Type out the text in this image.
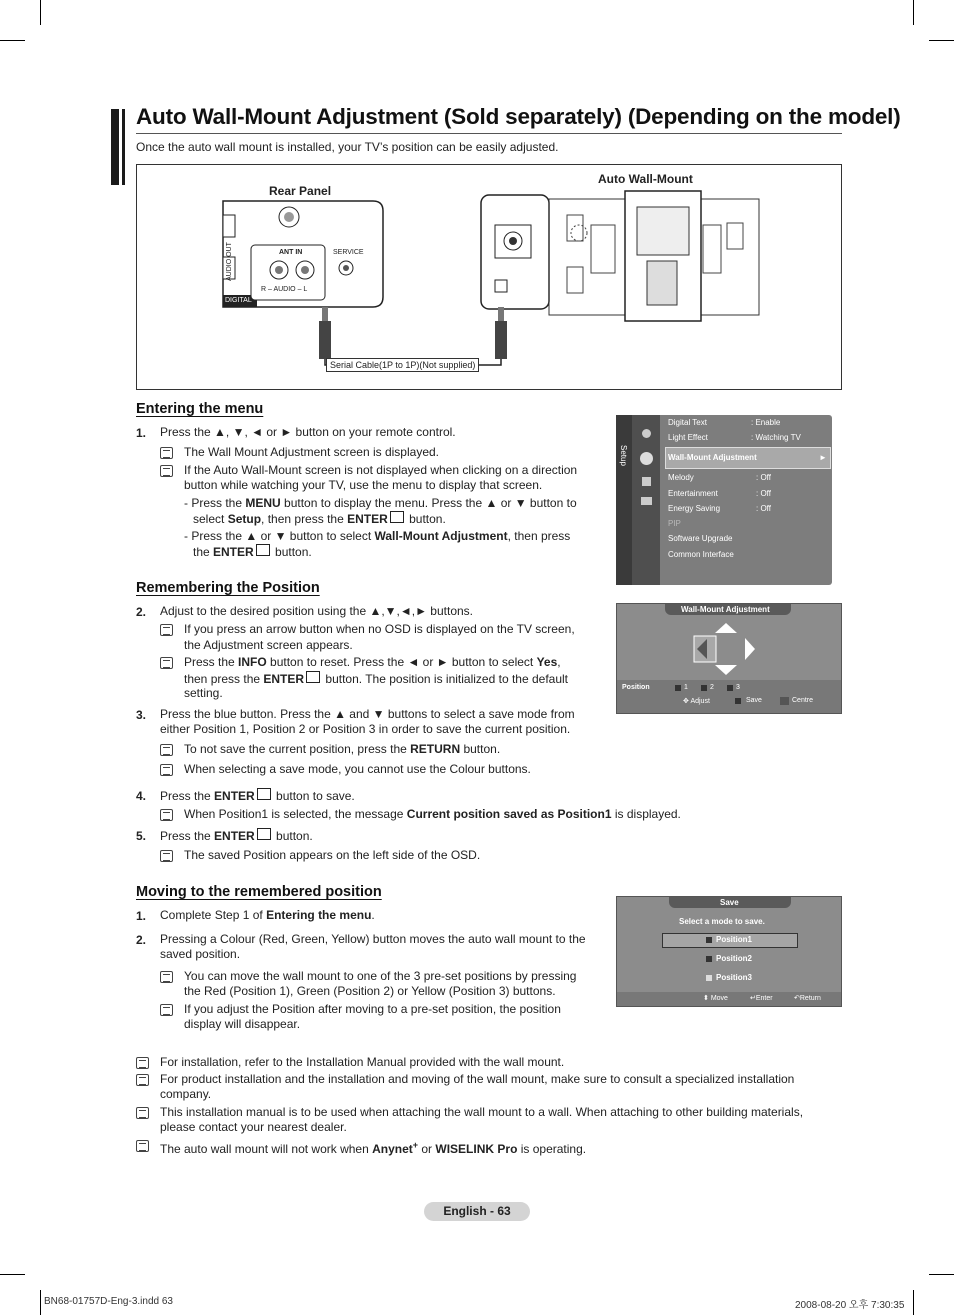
Auto Wall-Mount Adjustment (Sold separately) (Depending on the model)
Once the auto wall mount is installed, your TV’s position can be easily adjusted.
Rear Panel
Auto Wall-Mount
ANT IN	SERVICE
R – AUDIO – L
AUDIO OUT
DIGITAL
Serial Cable(1P to 1P)(Not supplied)
Entering the menu
1. Press the ▲, ▼, ◄ or ► button on your remote control.
The Wall Mount Adjustment screen is displayed.
If the Auto Wall-Mount screen is not displayed when clicking on a direction
button while watching your TV, use the menu to display that screen.
- Press the MENU button to display the menu. Press the ▲ or ▼ button to
select Setup, then press the ENTER button.
- Press the ▲ or ▼ button to select Wall-Mount Adjustment, then press
the ENTER button.
Setup
Digital Text	: Enable
Light Effect	: Watching TV
Wall-Mount Adjustment	►
Melody	: Off
Entertainment	: Off
Energy Saving	: Off
PIP
Software Upgrade
Common Interface
Remembering the Position
2. Adjust to the desired position using the ▲,▼,◄,► buttons.
If you press an arrow button when no OSD is displayed on the TV screen,
the Adjustment screen appears.
Press the INFO button to reset. Press the ◄ or ► button to select Yes,
then press the ENTER button. The position is initialized to the default
setting.
3. Press the blue button. Press the ▲ and ▼ buttons to select a save mode from
either Position 1, Position 2 or Position 3 in order to save the current position.
To not save the current position, press the RETURN button.
When selecting a save mode, you cannot use the Colour buttons.
4. Press the ENTER button to save.
When Position1 is selected, the message Current position saved as Position1 is displayed.
5. Press the ENTER button.
The saved Position appears on the left side of the OSD.
Wall-Mount Adjustment
Position	1	2	3
✥ Adjust	Save	Centre
Moving to the remembered position
1. Complete Step 1 of Entering the menu.
2. Pressing a Colour (Red, Green, Yellow) button moves the auto wall mount to the
saved position.
You can move the wall mount to one of the 3 pre-set positions by pressing
the Red (Position 1), Green (Position 2) or Yellow (Position 3) buttons.
If you adjust the Position after moving to a pre-set position, the position
display will disappear.
Save
Select a mode to save.
Position1
Position2
Position3
⬍ Move	↵Enter	↶Return
For installation, refer to the Installation Manual provided with the wall mount.
For product installation and the installation and moving of the wall mount, make sure to consult a specialized installation
company.
This installation manual is to be used when attaching the wall mount to a wall. When attaching to other building materials,
please contact your nearest dealer.
The auto wall mount will not work when Anynet+ or WISELINK Pro is operating.
English - 63
BN68-01757D-Eng-3.indd 63	2008-08-20 오후 7:30:35
